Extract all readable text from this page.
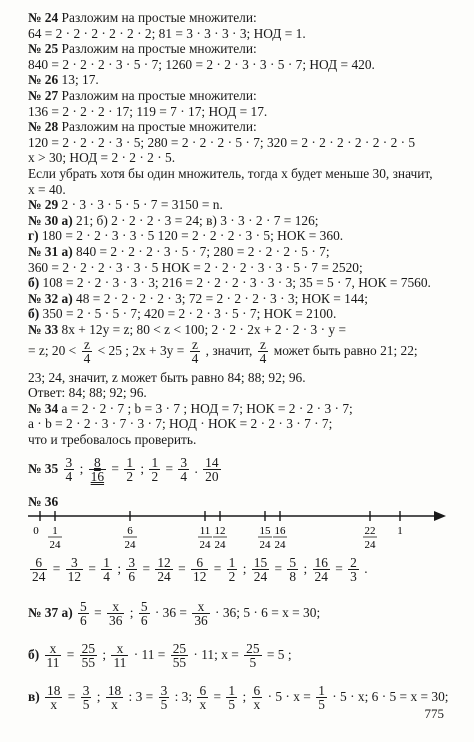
№ 24 Разложим на простые множители:
64 = 2 · 2 · 2 · 2 · 2 · 2; 81 = 3 · 3 · 3 · 3; НОД = 1.
№ 25 Разложим на простые множители:
840 = 2 · 2 · 2 · 3 · 5 · 7; 1260 = 2 · 2 · 3 · 3 · 5 · 7; НОД = 420.
№ 26 13; 17.
№ 27 Разложим на простые множители:
136 = 2 · 2 · 2 · 17; 119 = 7 · 17; НОД = 17.
№ 28 Разложим на простые множители:
120 = 2 · 2 · 2 · 3 · 5; 280 = 2 · 2 · 2 · 5 · 7; 320 = 2 · 2 · 2 · 2 · 2 · 2 · 5
x > 30; НОД = 2 · 2 · 2 · 5.
Если убрать хотя бы один множитель, тогда x будет меньше 30, значит,
x = 40.
№ 29 2 · 3 · 3 · 5 · 5 · 7 = 3150 = n.
№ 30 а) 21; б) 2 · 2 · 2 · 3 = 24; в) 3 · 3 · 2 · 7 = 126;
г) 180 = 2 · 2 · 3 · 3 · 5 120 = 2 · 2 · 2 · 3 · 5; НОК = 360.
№ 31 а) 840 = 2 · 2 · 2 · 3 · 5 · 7; 280 = 2 · 2 · 2 · 5 · 7;
360 = 2 · 2 · 2 · 3 · 3 · 5 НОК = 2 · 2 · 2 · 3 · 3 · 5 · 7 = 2520;
б) 108 = 2 · 2 · 3 · 3 · 3; 216 = 2 · 2 · 2 · 3 · 3 · 3; 35 = 5 · 7, НОК = 7560.
№ 32 а) 48 = 2 · 2 · 2 · 2 · 3; 72 = 2 · 2 · 2 · 3 · 3; НОК = 144;
б) 350 = 2 · 5 · 5 · 7; 420 = 2 · 2 · 3 · 5 · 7; НОК = 2100.
№ 33 8x + 12y = z; 80 < z < 100; 2 · 2 · 2x + 2 · 2 · 3 · y =
= z; $20 < \frac{z}{4} < 25$ ; $2x + 3y = \frac{z}{4}$ , значит, $\frac{z}{4}$ может быть равно 21; 22;
23; 24, значит, z может быть равно 84; 88; 92; 96.
Ответ: 84; 88; 92; 96.
№ 34 a = 2 · 2 · 7 ; b = 3 · 7 ; НОД = 7; НОК = 2 · 2 · 3 · 7;
a · b = 2 · 2 · 3 · 7 · 3 · 7; НОД · НОК = 2 · 2 · 3 · 7 · 7;
что и требовалось проверить.
№ $35 \frac{3}{4}$ ; $\frac{8}{16} = \frac{1}{2}$ ; $\frac{1}{2} = \frac{3}{4}$ . $\frac{14}{20}$
№ 36
0	1
1
24
6
24
11
24
12
24
15
24
16
24
22
24
$\frac{6}{24} = \frac{3}{12} = \frac{1}{4}$ ; $\frac{3}{6} = \frac{12}{24} = \frac{6}{12} = \frac{1}{2}$ ; $\frac{15}{24} = \frac{5}{8}$ ; $\frac{16}{24} = \frac{2}{3}$ .
№ 37 $а) \frac{5}{6} = \frac{x}{36}$ ; $\frac{5}{6} \cdot 36 = \frac{x}{36} \cdot 36$; 5 · 6 = x = 30;
$б) \frac{x}{11} = \frac{25}{55}$ ; $\frac{x}{11} \cdot 11 = \frac{25}{55} \cdot 11$; $x = \frac{25}{5} = 5$ ;
$в) \frac{18}{x} = \frac{3}{5}$ ; $\frac{18}{x}$ : $3 = \frac{3}{5}$ : 3; $\frac{6}{x} = \frac{1}{5}$ ; $\frac{6}{x} \cdot 5 \cdot x = \frac{1}{5} \cdot 5 \cdot x$; 6 · 5 = x = 30;
775
